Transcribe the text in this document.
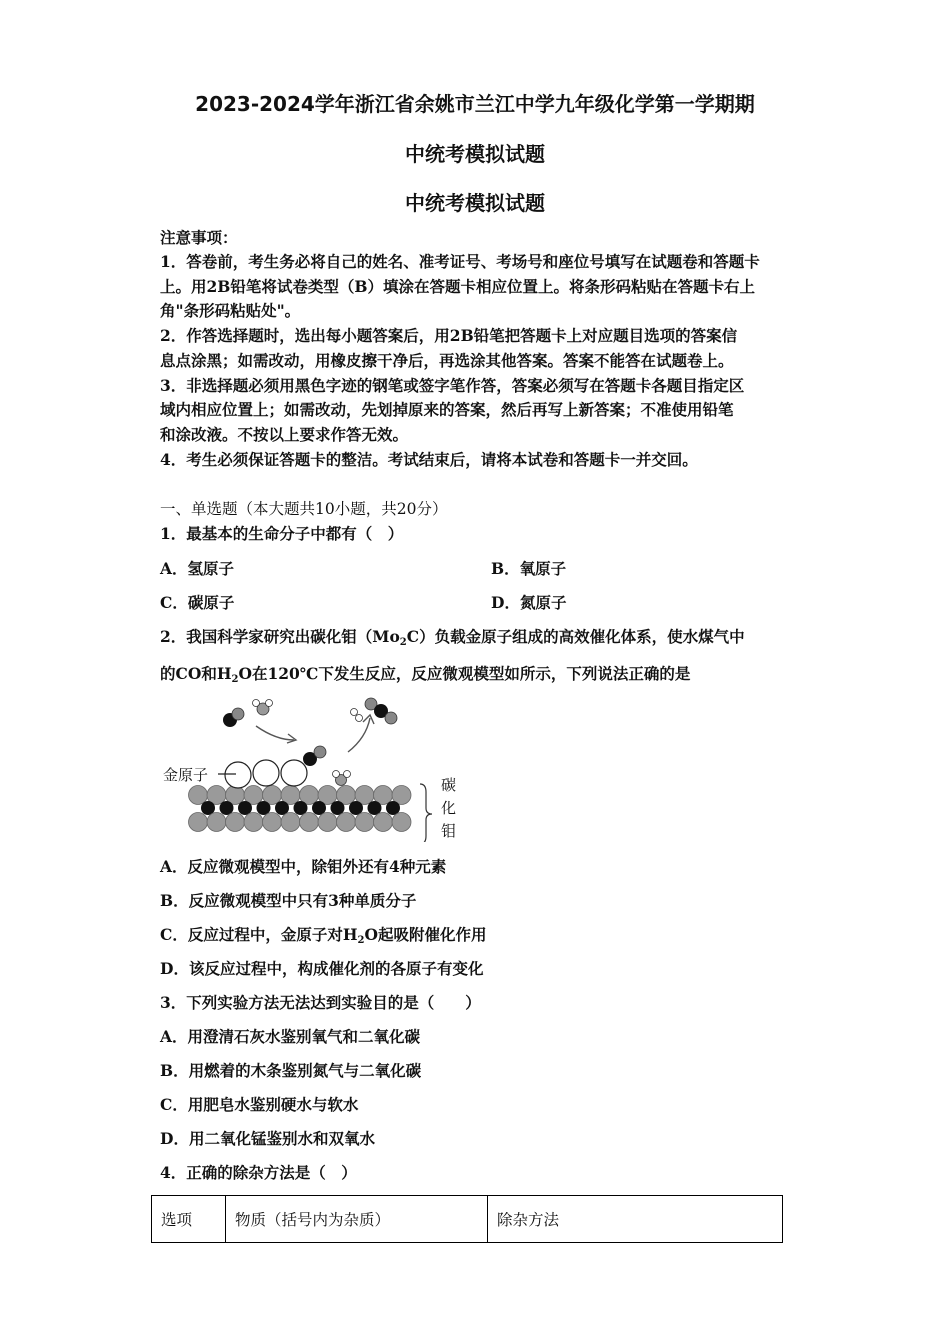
2023-2024学年浙江省余姚市兰江中学九年级化学第一学期期
中统考模拟试题
中统考模拟试题
注意事项：
1．答卷前，考生务必将自己的姓名、准考证号、考场号和座位号填写在试题卷和答题卡
上。用2B铅笔将试卷类型（B）填涂在答题卡相应位置上。将条形码粘贴在答题卡右上
角"条形码粘贴处"。
2．作答选择题时，选出每小题答案后，用2B铅笔把答题卡上对应题目选项的答案信
息点涂黑；如需改动，用橡皮擦干净后，再选涂其他答案。答案不能答在试题卷上。
3．非选择题必须用黑色字迹的钢笔或签字笔作答，答案必须写在答题卡各题目指定区
域内相应位置上；如需改动，先划掉原来的答案，然后再写上新答案；不准使用铅笔
和涂改液。不按以上要求作答无效。
4．考生必须保证答题卡的整洁。考试结束后，请将本试卷和答题卡一并交回。
一、单选题（本大题共10小题，共20分）
1．最基本的生命分子中都有（　）
A．氢原子	B．氧原子
C．碳原子	D．氮原子
2．我国科学家研究出碳化钼$(Mo_2C)$负载金原子组成的高效催化体系，使水煤气中
的CO和$H_2O$在120℃下发生反应，反应微观模型如所示，下列说法正确的是
金原子
碳
化
钼
A．反应微观模型中，除钼外还有4种元素
B．反应微观模型中只有3种单质分子
C．反应过程中，金原子对$H_2O$起吸附催化作用
D．该反应过程中，构成催化剂的各原子有变化
3．下列实验方法无法达到实验目的是（　　）
A．用澄清石灰水鉴别氧气和二氧化碳
B．用燃着的木条鉴别氮气与二氧化碳
C．用肥皂水鉴别硬水与软水
D．用二氧化锰鉴别水和双氧水
4．正确的除杂方法是（　）
选项	物质（括号内为杂质）	除杂方法
